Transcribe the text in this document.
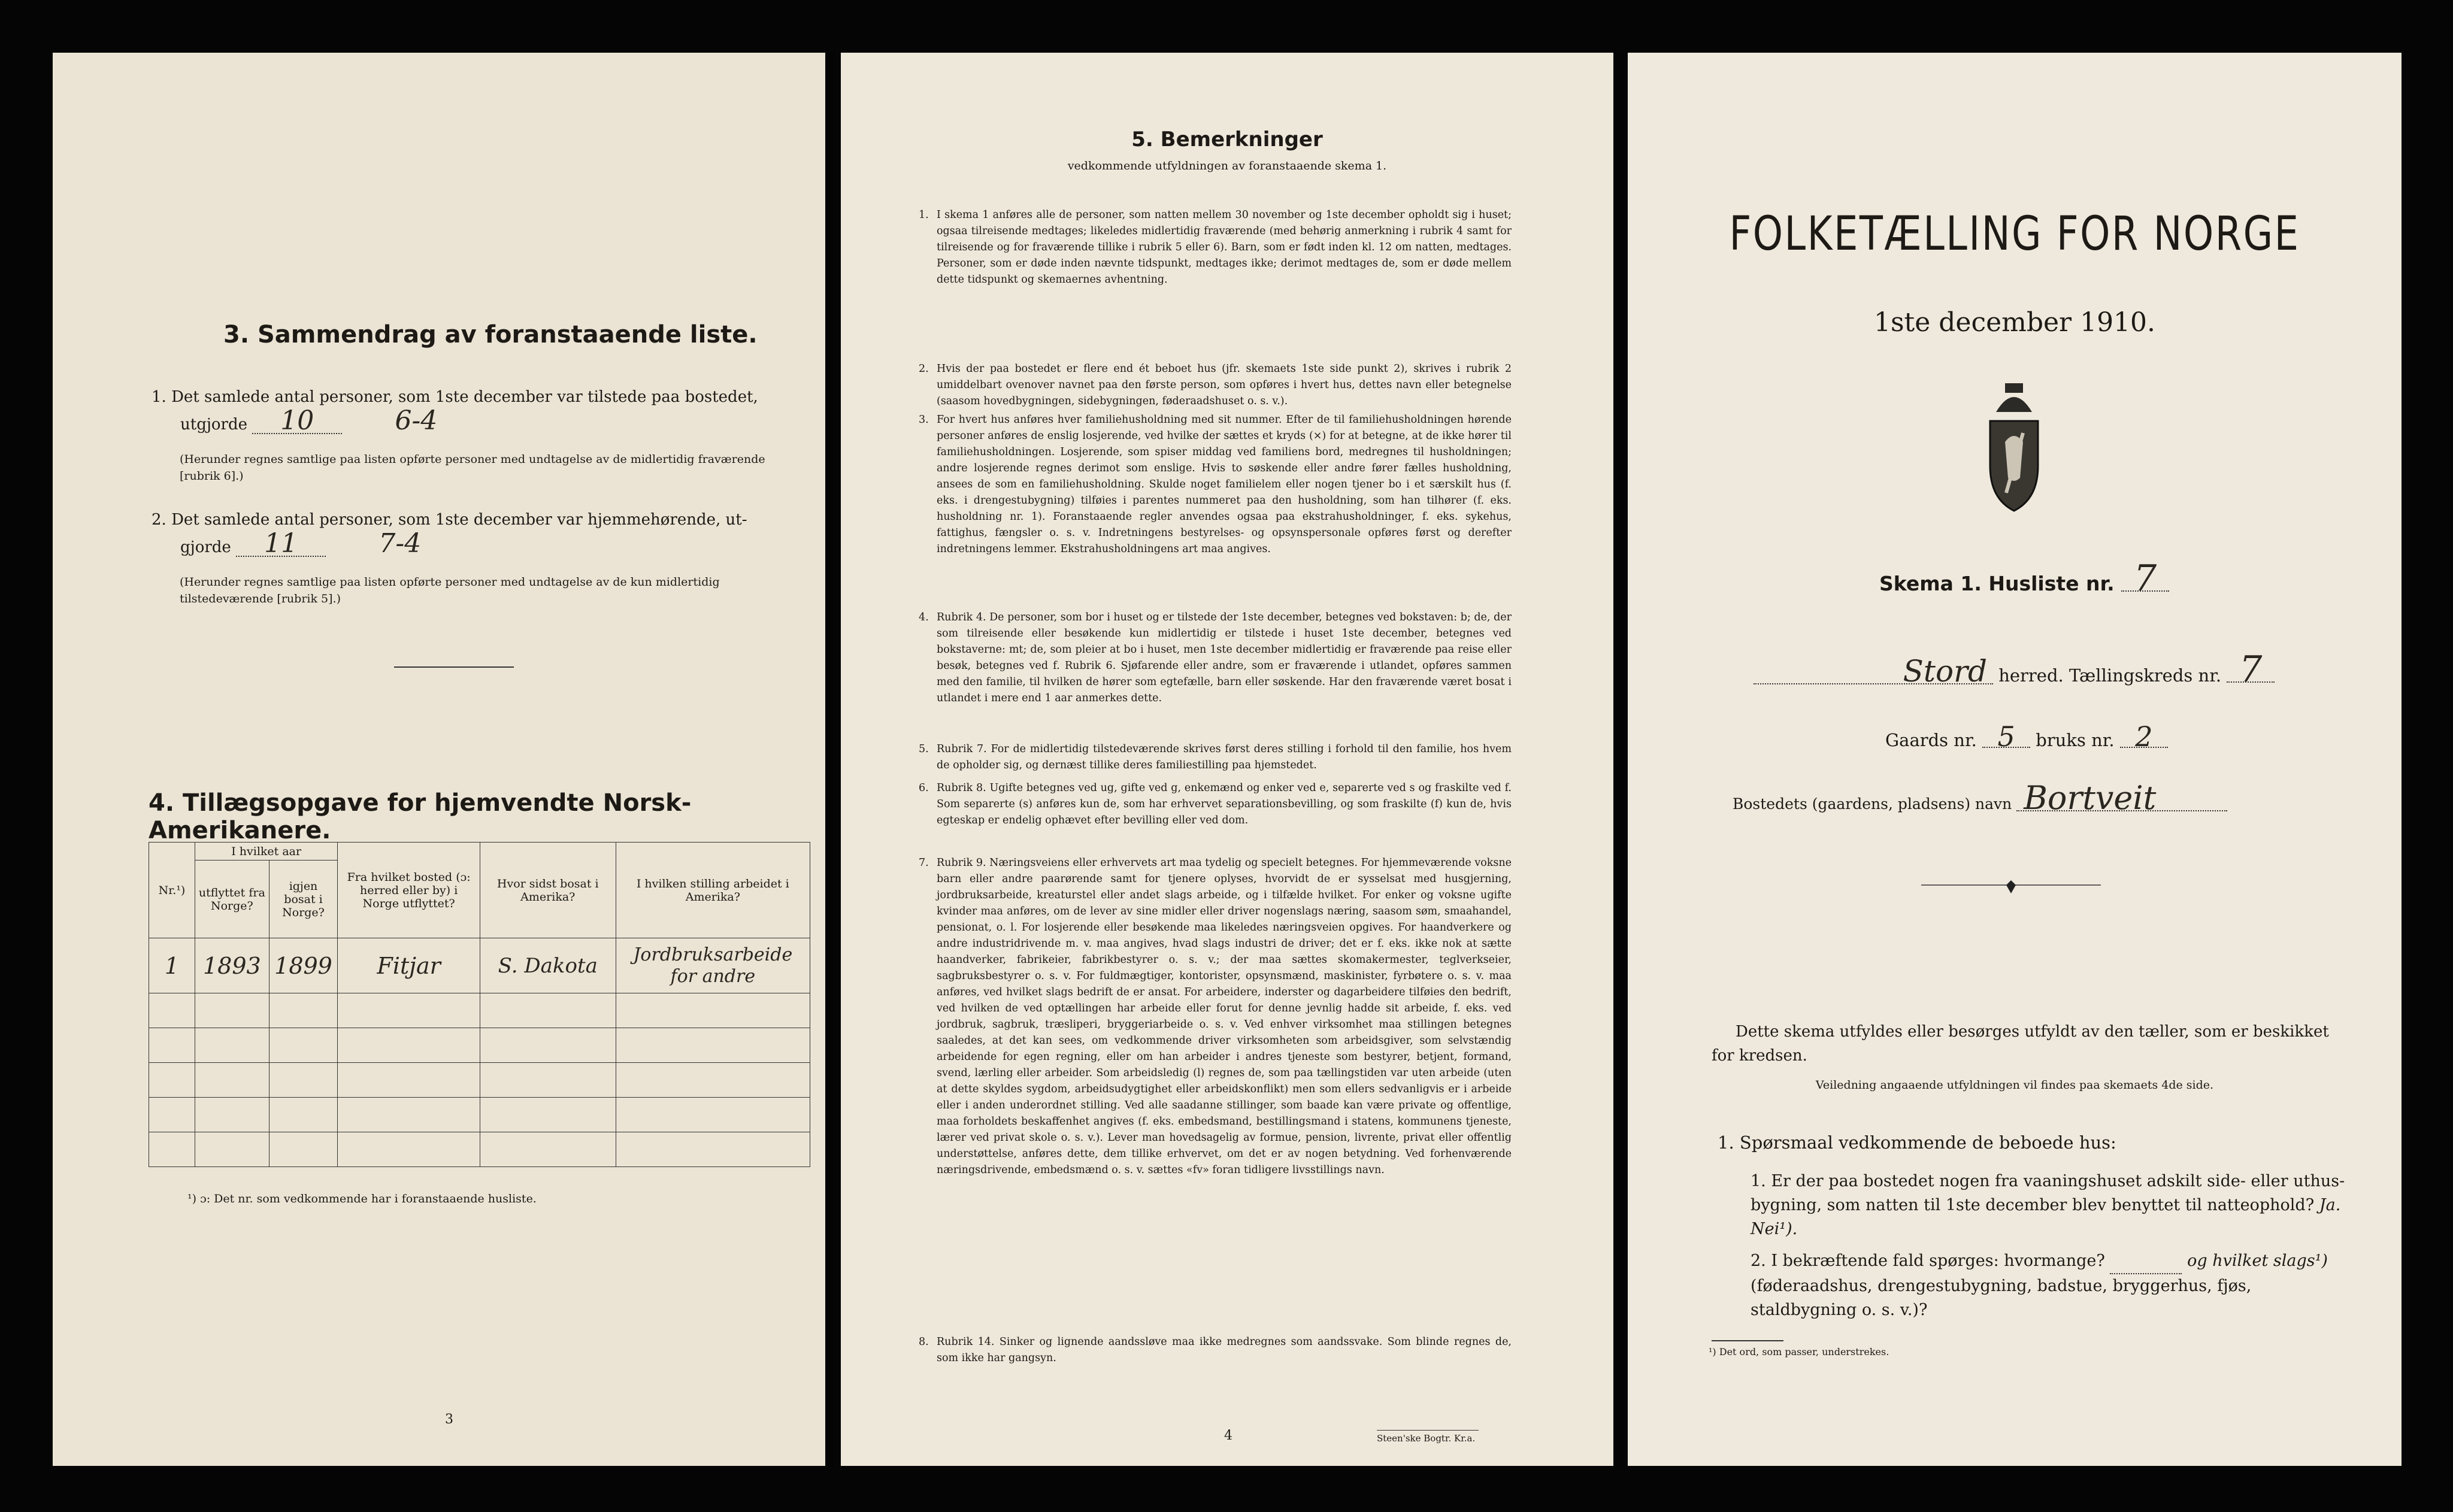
3. Sammendrag av foranstaaende liste.
1. Det samlede antal personer, som 1ste december var tilstede paa bostedet,
utgjorde 10	6-4
(Herunder regnes samtlige paa listen opførte personer med undtagelse av de midlertidig fraværende [rubrik 6].)
2. Det samlede antal personer, som 1ste december var hjemmehørende, ut-
gjorde 11	7-4
(Herunder regnes samtlige paa listen opførte personer med undtagelse av de kun midlertidig tilstedeværende [rubrik 5].)
4. Tillægsopgave for hjemvendte Norsk-Amerikanere.
Nr.¹)	I hvilket aar		Fra hvilket bosted (ɔ: herred eller by) i Norge utflyttet?	Hvor sidst bosat i Amerika?	I hvilken stilling arbeidet i Amerika?
	utflyttet fra Norge?	igjen bosat i Norge?			
1	1893	1899	Fitjar	S. Dakota	Jordbruksarbeide for andre

¹) ɔ: Det nr. som vedkommende har i foranstaaende husliste.
3
5. Bemerkninger
vedkommende utfyldningen av foranstaaende skema 1.
1. I skema 1 anføres alle de personer, som natten mellem 30 november og 1ste december opholdt sig i huset; ogsaa tilreisende medtages; likeledes midlertidig fraværende (med behørig anmerkning i rubrik 4 samt for tilreisende og for fraværende tillike i rubrik 5 eller 6). Barn, som er født inden kl. 12 om natten, medtages. Personer, som er døde inden nævnte tidspunkt, medtages ikke; derimot medtages de, som er døde mellem dette tidspunkt og skemaernes avhentning.
2. Hvis der paa bostedet er flere end ét beboet hus (jfr. skemaets 1ste side punkt 2), skrives i rubrik 2 umiddelbart ovenover navnet paa den første person, som opføres i hvert hus, dettes navn eller betegnelse (saasom hovedbygningen, sidebygningen, føderaadshuset o. s. v.).
3. For hvert hus anføres hver familiehusholdning med sit nummer. Efter de til familiehusholdningen hørende personer anføres de enslig losjerende, ved hvilke der sættes et kryds (×) for at betegne, at de ikke hører til familiehusholdningen. Losjerende, som spiser middag ved familiens bord, medregnes til husholdningen; andre losjerende regnes derimot som enslige. Hvis to søskende eller andre fører fælles husholdning, ansees de som en familiehusholdning. Skulde noget familielem eller nogen tjener bo i et særskilt hus (f. eks. i drengestubygning) tilføies i parentes nummeret paa den husholdning, som han tilhører (f. eks. husholdning nr. 1). Foranstaaende regler anvendes ogsaa paa ekstrahusholdninger, f. eks. sykehus, fattighus, fængsler o. s. v. Indretningens bestyrelses- og opsynspersonale opføres først og derefter indretningens lemmer. Ekstrahusholdningens art maa angives.
4. Rubrik 4. De personer, som bor i huset og er tilstede der 1ste december, betegnes ved bokstaven: b; de, der som tilreisende eller besøkende kun midlertidig er tilstede i huset 1ste december, betegnes ved bokstaverne: mt; de, som pleier at bo i huset, men 1ste december midlertidig er fraværende paa reise eller besøk, betegnes ved f. Rubrik 6. Sjøfarende eller andre, som er fraværende i utlandet, opføres sammen med den familie, til hvilken de hører som egtefælle, barn eller søskende. Har den fraværende været bosat i utlandet i mere end 1 aar anmerkes dette.
5. Rubrik 7. For de midlertidig tilstedeværende skrives først deres stilling i forhold til den familie, hos hvem de opholder sig, og dernæst tillike deres familiestilling paa hjemstedet.
6. Rubrik 8. Ugifte betegnes ved ug, gifte ved g, enkemænd og enker ved e, separerte ved s og fraskilte ved f. Som separerte (s) anføres kun de, som har erhvervet separationsbevilling, og som fraskilte (f) kun de, hvis egteskap er endelig ophævet efter bevilling eller ved dom.
7. Rubrik 9. Næringsveiens eller erhvervets art maa tydelig og specielt betegnes. For hjemmeværende voksne barn eller andre paarørende samt for tjenere oplyses, hvorvidt de er sysselsat med husgjerning, jordbruksarbeide, kreaturstel eller andet slags arbeide, og i tilfælde hvilket. For enker og voksne ugifte kvinder maa anføres, om de lever av sine midler eller driver nogenslags næring, saasom søm, smaahandel, pensionat, o. l. For losjerende eller besøkende maa likeledes næringsveien opgives. For haandverkere og andre industridrivende m. v. maa angives, hvad slags industri de driver; det er f. eks. ikke nok at sætte haandverker, fabrikeier, fabrikbestyrer o. s. v.; der maa sættes skomakermester, teglverkseier, sagbruksbestyrer o. s. v. For fuldmægtiger, kontorister, opsynsmænd, maskinister, fyrbøtere o. s. v. maa anføres, ved hvilket slags bedrift de er ansat. For arbeidere, inderster og dagarbeidere tilføies den bedrift, ved hvilken de ved optællingen har arbeide eller forut for denne jevnlig hadde sit arbeide, f. eks. ved jordbruk, sagbruk, træsliperi, bryggeriarbeide o. s. v. Ved enhver virksomhet maa stillingen betegnes saaledes, at det kan sees, om vedkommende driver virksomheten som arbeidsgiver, som selvstændig arbeidende for egen regning, eller om han arbeider i andres tjeneste som bestyrer, betjent, formand, svend, lærling eller arbeider. Som arbeidsledig (l) regnes de, som paa tællingstiden var uten arbeide (uten at dette skyldes sygdom, arbeidsudygtighet eller arbeidskonflikt) men som ellers sedvanligvis er i arbeide eller i anden underordnet stilling. Ved alle saadanne stillinger, som baade kan være private og offentlige, maa forholdets beskaffenhet angives (f. eks. embedsmand, bestillingsmand i statens, kommunens tjeneste, lærer ved privat skole o. s. v.). Lever man hovedsagelig av formue, pension, livrente, privat eller offentlig understøttelse, anføres dette, dem tillike erhvervet, om det er av nogen betydning. Ved forhenværende næringsdrivende, embedsmænd o. s. v. sættes «fv» foran tidligere livsstillings navn.
8. Rubrik 14. Sinker og lignende aandssløve maa ikke medregnes som aandssvake. Som blinde regnes de, som ikke har gangsyn.
4	Steen'ske Bogtr. Kr.a.
FOLKETÆLLING FOR NORGE
1ste december 1910.
Skema 1. Husliste nr. 7
Stord herred. Tællingskreds nr. 7
Gaards nr. 5 bruks nr. 2
Bostedets (gaardens, pladsens) navn Bortveit
Dette skema utfyldes eller besørges utfyldt av den tæller, som er beskikket for kredsen.
Veiledning angaaende utfyldningen vil findes paa skemaets 4de side.
1. Spørsmaal vedkommende de beboede hus:
1. Er der paa bostedet nogen fra vaaningshuset adskilt side- eller uthus-bygning, som natten til 1ste december blev benyttet til natteophold? Ja. Nei¹).
2. I bekræftende fald spørges: hvormange?	og hvilket slags¹) (føderaadshus, drengestubygning, badstue, bryggerhus, fjøs, staldbygning o. s. v.)?
¹) Det ord, som passer, understrekes.
